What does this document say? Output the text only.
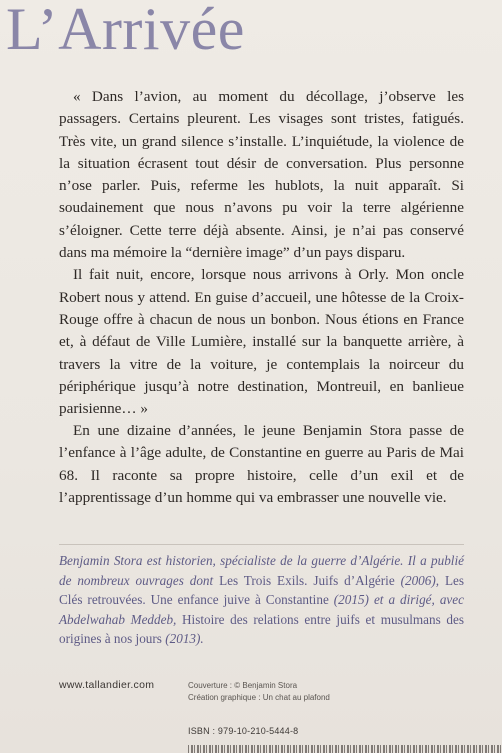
L’Arrivée

« Dans l’avion, au moment du décollage, j’observe les passagers. Certains pleurent. Les visages sont tristes, fatigués. Très vite, un grand silence s’installe. L’inquiétude, la violence de la situation écrasent tout désir de conversation. Plus personne n’ose parler. Puis, referme les hublots, la nuit apparaît. Si soudainement que nous n’avons pu voir la terre algérienne s’éloigner. Cette terre déjà absente. Ainsi, je n’ai pas conservé dans ma mémoire la “dernière image” d’un pays disparu.

Il fait nuit, encore, lorsque nous arrivons à Orly. Mon oncle Robert nous y attend. En guise d’accueil, une hôtesse de la Croix-Rouge offre à chacun de nous un bonbon. Nous étions en France et, à défaut de Ville Lumière, installé sur la banquette arrière, à travers la vitre de la voiture, je contemplais la noirceur du périphérique jusqu’à notre destination, Montreuil, en banlieue parisienne… »

En une dizaine d’années, le jeune Benjamin Stora passe de l’enfance à l’âge adulte, de Constantine en guerre au Paris de Mai 68. Il raconte sa propre histoire, celle d’un exil et de l’apprentissage d’un homme qui va embrasser une nouvelle vie.

Benjamin Stora est historien, spécialiste de la guerre d’Algérie. Il a publié de nombreux ouvrages dont Les Trois Exils. Juifs d’Algérie (2006), Les Clés retrouvées. Une enfance juive à Constantine (2015) et a dirigé, avec Abdelwahab Meddeb, Histoire des relations entre juifs et musulmans des origines à nos jours (2013).
www.tallandier.com	Couverture : © Benjamin Stora
Création graphique : Un chat au plafond
ISBN : 979-10-210-5444-8
